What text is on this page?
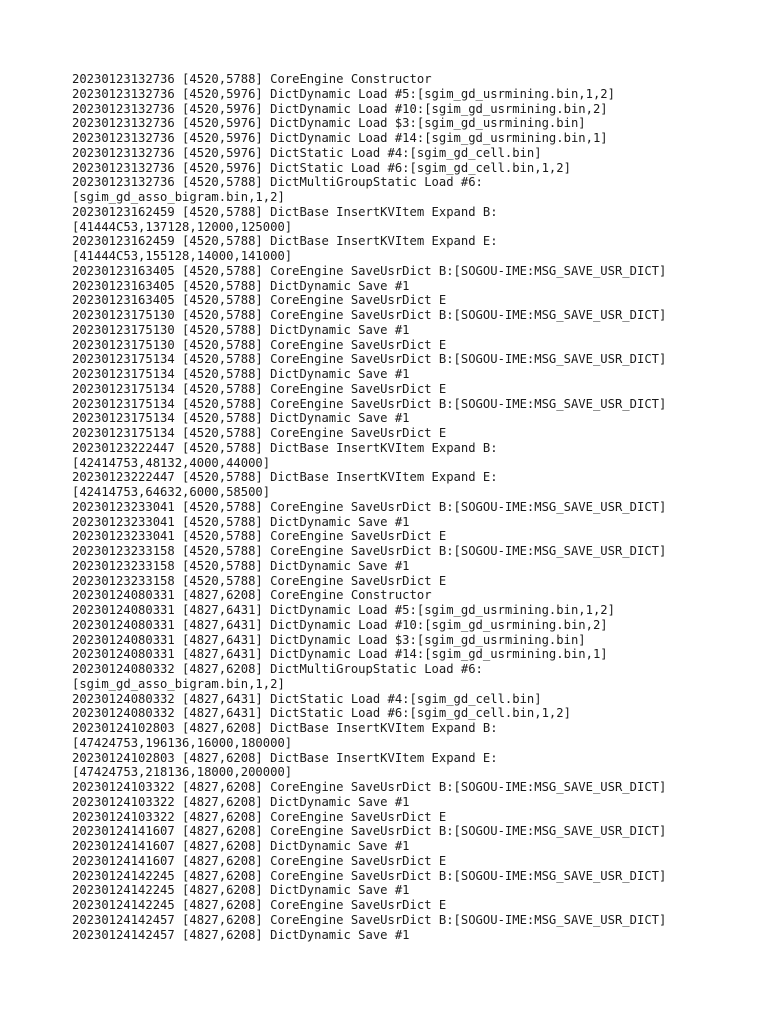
20230123132736 [4520,5788] CoreEngine Constructor
20230123132736 [4520,5976] DictDynamic Load #5:[sgim_gd_usrmining.bin,1,2]
20230123132736 [4520,5976] DictDynamic Load #10:[sgim_gd_usrmining.bin,2]
20230123132736 [4520,5976] DictDynamic Load $3:[sgim_gd_usrmining.bin]
20230123132736 [4520,5976] DictDynamic Load #14:[sgim_gd_usrmining.bin,1]
20230123132736 [4520,5976] DictStatic Load #4:[sgim_gd_cell.bin]
20230123132736 [4520,5976] DictStatic Load #6:[sgim_gd_cell.bin,1,2]
20230123132736 [4520,5788] DictMultiGroupStatic Load #6:
[sgim_gd_asso_bigram.bin,1,2]
20230123162459 [4520,5788] DictBase InsertKVItem Expand B:
[41444C53,137128,12000,125000]
20230123162459 [4520,5788] DictBase InsertKVItem Expand E:
[41444C53,155128,14000,141000]
20230123163405 [4520,5788] CoreEngine SaveUsrDict B:[SOGOU-IME:MSG_SAVE_USR_DICT]
20230123163405 [4520,5788] DictDynamic Save #1
20230123163405 [4520,5788] CoreEngine SaveUsrDict E
20230123175130 [4520,5788] CoreEngine SaveUsrDict B:[SOGOU-IME:MSG_SAVE_USR_DICT]
20230123175130 [4520,5788] DictDynamic Save #1
20230123175130 [4520,5788] CoreEngine SaveUsrDict E
20230123175134 [4520,5788] CoreEngine SaveUsrDict B:[SOGOU-IME:MSG_SAVE_USR_DICT]
20230123175134 [4520,5788] DictDynamic Save #1
20230123175134 [4520,5788] CoreEngine SaveUsrDict E
20230123175134 [4520,5788] CoreEngine SaveUsrDict B:[SOGOU-IME:MSG_SAVE_USR_DICT]
20230123175134 [4520,5788] DictDynamic Save #1
20230123175134 [4520,5788] CoreEngine SaveUsrDict E
20230123222447 [4520,5788] DictBase InsertKVItem Expand B:
[42414753,48132,4000,44000]
20230123222447 [4520,5788] DictBase InsertKVItem Expand E:
[42414753,64632,6000,58500]
20230123233041 [4520,5788] CoreEngine SaveUsrDict B:[SOGOU-IME:MSG_SAVE_USR_DICT]
20230123233041 [4520,5788] DictDynamic Save #1
20230123233041 [4520,5788] CoreEngine SaveUsrDict E
20230123233158 [4520,5788] CoreEngine SaveUsrDict B:[SOGOU-IME:MSG_SAVE_USR_DICT]
20230123233158 [4520,5788] DictDynamic Save #1
20230123233158 [4520,5788] CoreEngine SaveUsrDict E
20230124080331 [4827,6208] CoreEngine Constructor
20230124080331 [4827,6431] DictDynamic Load #5:[sgim_gd_usrmining.bin,1,2]
20230124080331 [4827,6431] DictDynamic Load #10:[sgim_gd_usrmining.bin,2]
20230124080331 [4827,6431] DictDynamic Load $3:[sgim_gd_usrmining.bin]
20230124080331 [4827,6431] DictDynamic Load #14:[sgim_gd_usrmining.bin,1]
20230124080332 [4827,6208] DictMultiGroupStatic Load #6:
[sgim_gd_asso_bigram.bin,1,2]
20230124080332 [4827,6431] DictStatic Load #4:[sgim_gd_cell.bin]
20230124080332 [4827,6431] DictStatic Load #6:[sgim_gd_cell.bin,1,2]
20230124102803 [4827,6208] DictBase InsertKVItem Expand B:
[47424753,196136,16000,180000]
20230124102803 [4827,6208] DictBase InsertKVItem Expand E:
[47424753,218136,18000,200000]
20230124103322 [4827,6208] CoreEngine SaveUsrDict B:[SOGOU-IME:MSG_SAVE_USR_DICT]
20230124103322 [4827,6208] DictDynamic Save #1
20230124103322 [4827,6208] CoreEngine SaveUsrDict E
20230124141607 [4827,6208] CoreEngine SaveUsrDict B:[SOGOU-IME:MSG_SAVE_USR_DICT]
20230124141607 [4827,6208] DictDynamic Save #1
20230124141607 [4827,6208] CoreEngine SaveUsrDict E
20230124142245 [4827,6208] CoreEngine SaveUsrDict B:[SOGOU-IME:MSG_SAVE_USR_DICT]
20230124142245 [4827,6208] DictDynamic Save #1
20230124142245 [4827,6208] CoreEngine SaveUsrDict E
20230124142457 [4827,6208] CoreEngine SaveUsrDict B:[SOGOU-IME:MSG_SAVE_USR_DICT]
20230124142457 [4827,6208] DictDynamic Save #1
